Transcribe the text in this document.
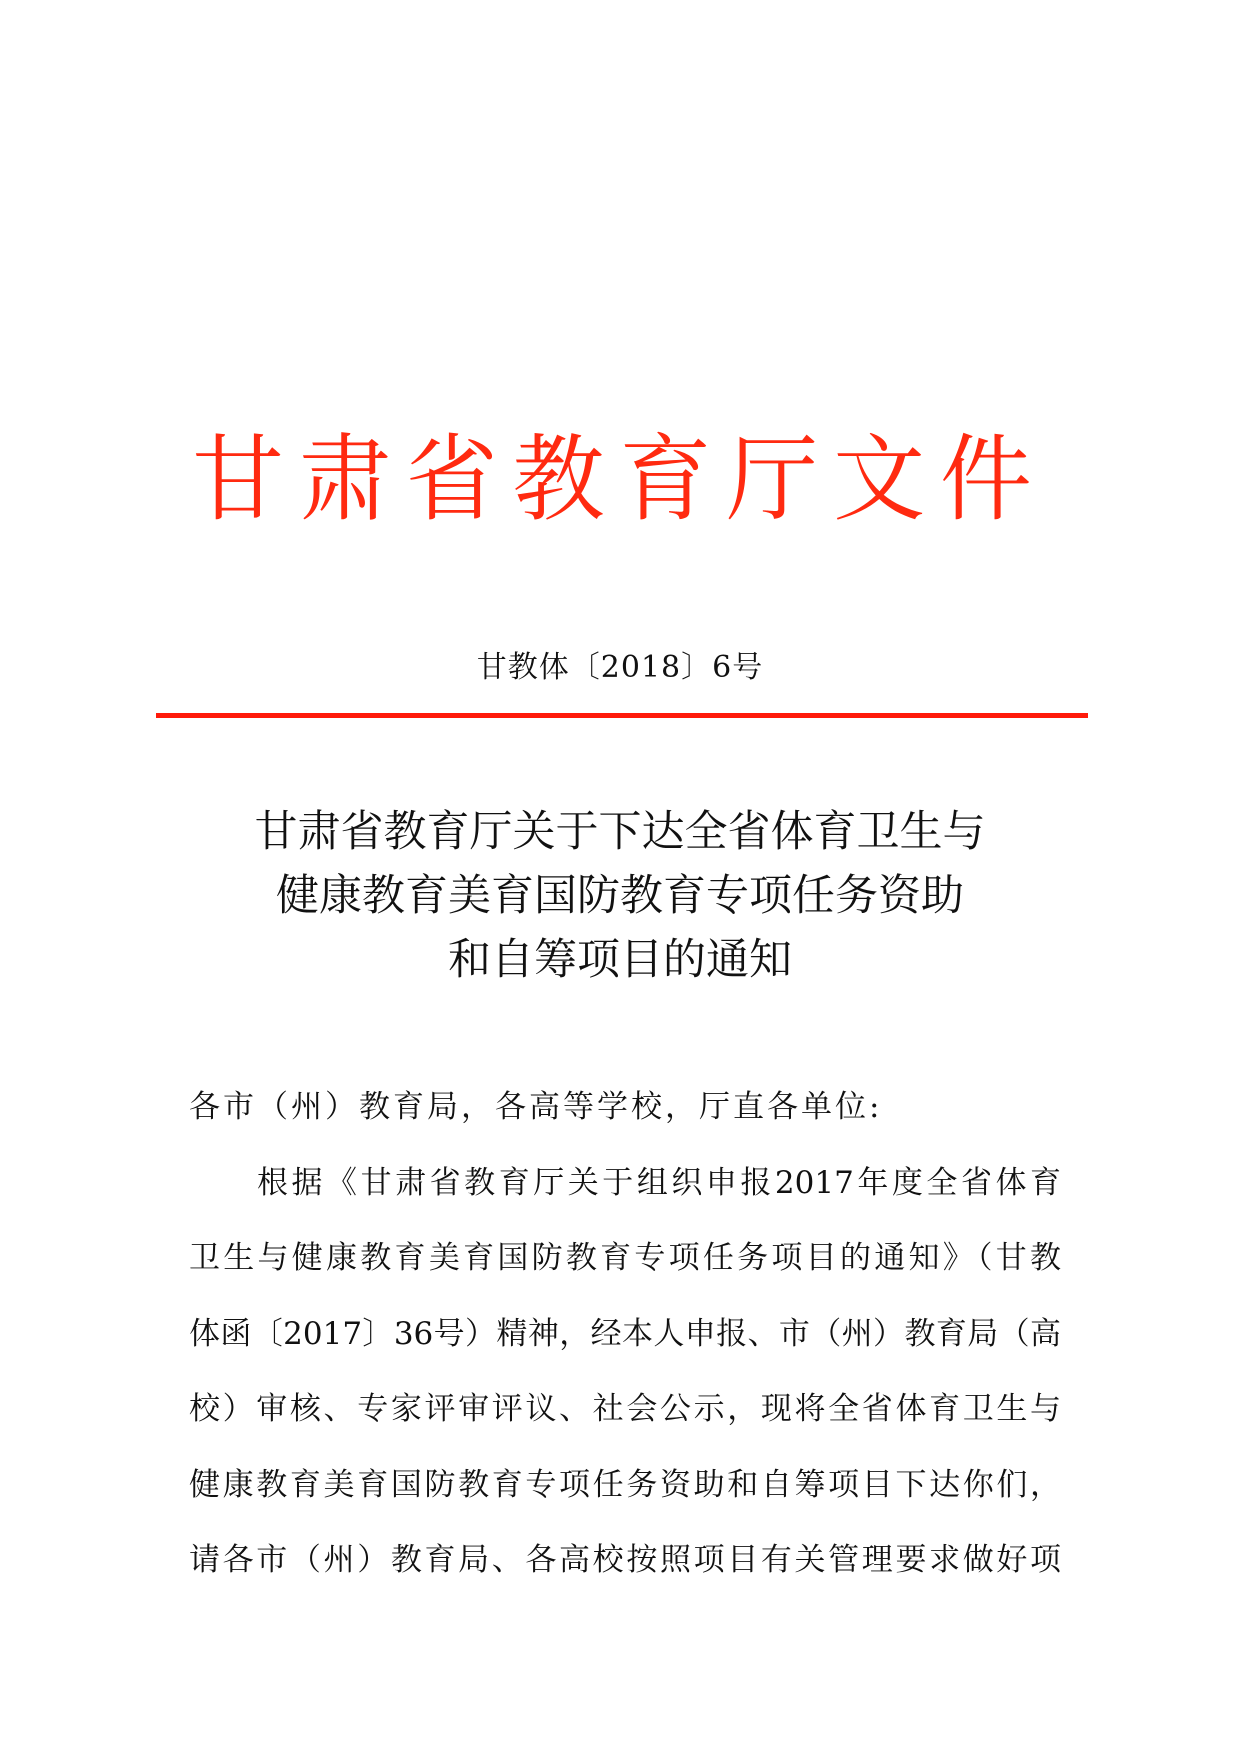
甘 肃 省 教 育 厅 文 件
甘教体〔2018〕6号
甘肃省教育厅关于下达全省体育卫生与
健康教育美育国防教育专项任务资助
和自筹项目的通知
各市（州）教育局，各高等学校，厅直各单位:
根据《甘肃省教育厅关于组织申报2017年度全省体育
卫生与健康教育美育国防教育专项任务项目的通知》（甘教
体函〔2017〕36号）精神，经本人申报、市（州）教育局（高
校）审核、专家评审评议、社会公示，现将全省体育卫生与
健康教育美育国防教育专项任务资助和自筹项目下达你们，
请各市（州）教育局、各高校按照项目有关管理要求做好项
